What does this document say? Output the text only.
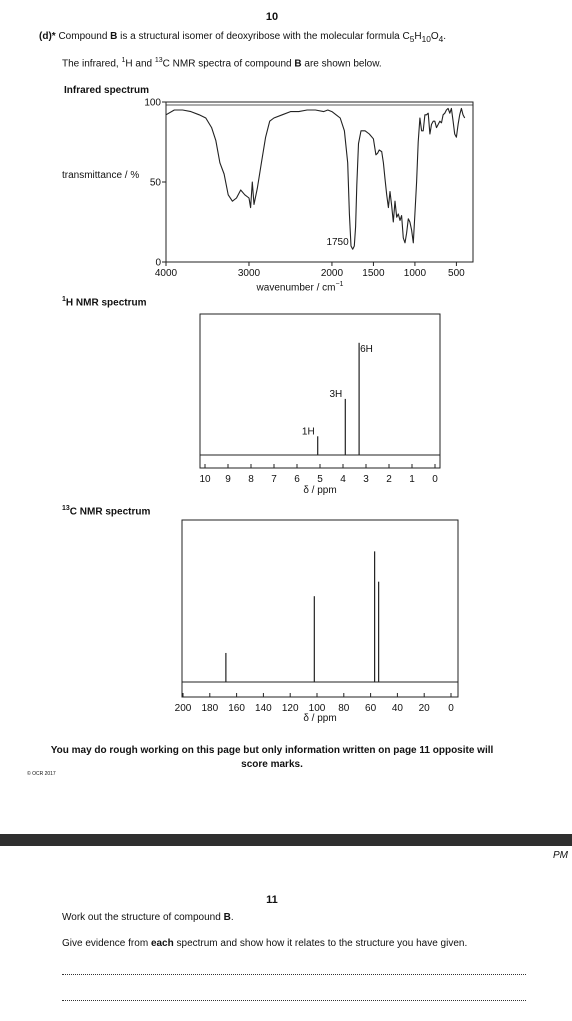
10
(d)* Compound B is a structural isomer of deoxyribose with the molecular formula $C_5H_{10}O_4$.
The infrared, $^1$H and $^{13}$C NMR spectra of compound B are shown below.
Infrared spectrum
transmittance / %
wavenumber / $cm^{-1}$
$^1$H NMR spectrum
δ / ppm
$^{13}$C NMR spectrum
δ / ppm
100
50
0
4000	3000	2000 1500 1000 500
1750
10 9 8 7 6 5 4 3 2 1 0
1H
3H
6H
200 180 160 140 120 100 80 60 40 20 0
You may do rough working on this page but only information written on page 11 opposite will
score marks.
© OCR 2017
PM
11
Work out the structure of compound B.
Give evidence from each spectrum and show how it relates to the structure you have given.
